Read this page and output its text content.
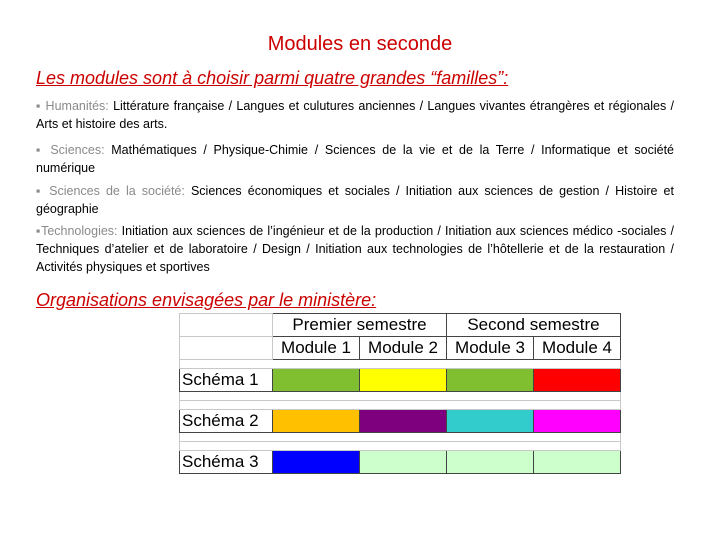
Modules en seconde
Les modules sont à choisir parmi quatre grandes “familles”:
▪ Humanités: Littérature française / Langues et culutures anciennes / Langues vivantes étrangères et régionales / Arts et histoire des arts.
▪ Sciences: Mathématiques / Physique-Chimie / Sciences de la vie et de la Terre / Informatique et société numérique
▪ Sciences de la société: Sciences économiques et sociales / Initiation aux sciences de gestion / Histoire et géographie
▪Technologies: Initiation aux sciences de l’ingénieur et de la production / Initiation aux sciences médico -sociales / Techniques d’atelier et de laboratoire / Design / Initiation aux technologies de l’hôtellerie et de la restauration / Activités physiques et sportives
Organisations envisagées par le ministère:
	Premier semestre		Second semestre	
	Module 1	Module 2	Module 3	Module 4

Schéma 1				

Schéma 2				

Schéma 3				
